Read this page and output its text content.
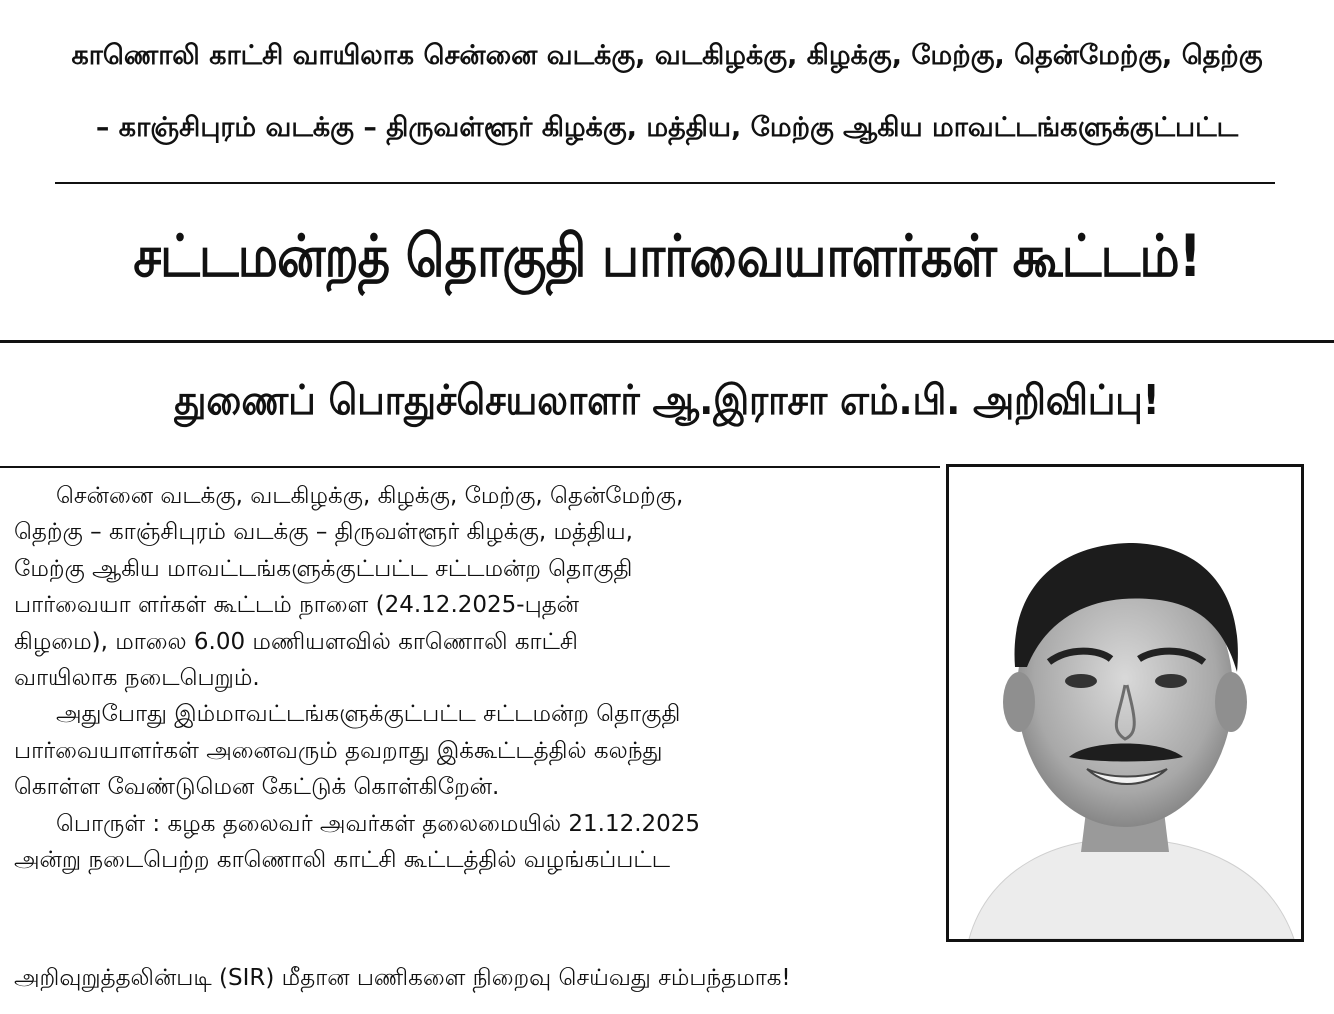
காணொலி காட்சி வாயிலாக சென்னை வடக்கு, வடகிழக்கு, கிழக்கு, மேற்கு, தென்மேற்கு, தெற்கு
– காஞ்சிபுரம் வடக்கு – திருவள்ளூர் கிழக்கு, மத்திய, மேற்கு ஆகிய மாவட்டங்களுக்குட்பட்ட
சட்டமன்றத் தொகுதி பார்வையாளர்கள் கூட்டம்!
துணைப் பொதுச்செயலாளர் ஆ.இராசா எம்.பி. அறிவிப்பு!
சென்னை வடக்கு, வடகிழக்கு, கிழக்கு, மேற்கு, தென்மேற்கு,
தெற்கு – காஞ்சிபுரம் வடக்கு – திருவள்ளூர் கிழக்கு, மத்திய,
மேற்கு ஆகிய மாவட்டங்களுக்குட்பட்ட சட்டமன்ற தொகுதி
பார்வையா ளர்கள் கூட்டம் நாளை (24.12.2025-புதன்
கிழமை), மாலை 6.00 மணியளவில் காணொலி காட்சி
வாயிலாக நடைபெறும்.
அதுபோது இம்மாவட்டங்களுக்குட்பட்ட சட்டமன்ற தொகுதி
பார்வையாளர்கள் அனைவரும் தவறாது இக்கூட்டத்தில் கலந்து
கொள்ள வேண்டுமென கேட்டுக் கொள்கிறேன்.
பொருள் : கழக தலைவர் அவர்கள் தலைமையில் 21.12.2025
அன்று நடைபெற்ற காணொலி காட்சி கூட்டத்தில் வழங்கப்பட்ட
அறிவுறுத்தலின்படி (SIR) மீதான பணிகளை நிறைவு செய்வது சம்பந்தமாக!
